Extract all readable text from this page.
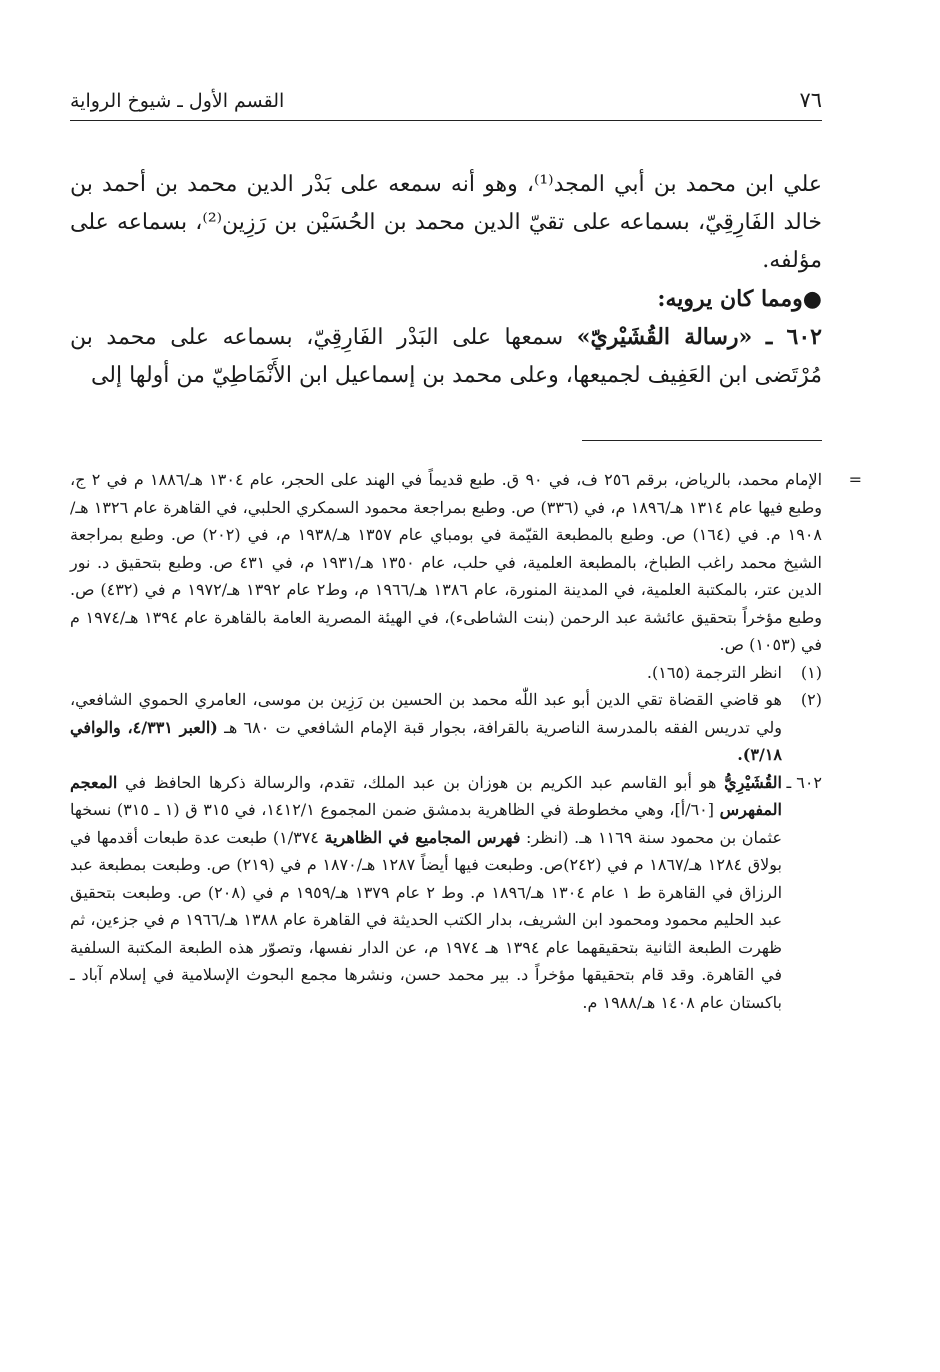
٧٦
القسم الأول ـ شيوخ الرواية

علي ابن محمد بن أبي المجد⁽¹⁾، وهو أنه سمعه على بَدْر الدين محمد بن أحمد بن خالد الفَارِقِيّ، بسماعه على تقيّ الدين محمد بن الحُسَيْن بن رَزِين⁽²⁾، بسماعه على مؤلفه.

●ومما كان يرويه:

٦٠٢ ـ «رسالة القُشَيْريّ» سمعها على البَدْر الفَارِقِيّ، بسماعه على محمد بن مُرْتَضى ابن العَفِيف لجميعها، وعلى محمد بن إسماعيل ابن الأَنْمَاطِيّ من أولها إلى

=
الإمام محمد، بالرياض، برقم ٢٥٦ ف، في ٩٠ ق. طبع قديماً في الهند على الحجر، عام ١٣٠٤ هـ/١٨٨٦ م في ٢ ج، وطبع فيها عام ١٣١٤ هـ/١٨٩٦ م، في (٣٣٦) ص. وطبع بمراجعة محمود السمكري الحلبي، في القاهرة عام ١٣٢٦ هـ/١٩٠٨ م. في (١٦٤) ص. وطبع بالمطبعة القيّمة في بومباي عام ١٣٥٧ هـ/١٩٣٨ م، في (٢٠٢) ص. وطبع بمراجعة الشيخ محمد راغب الطباخ، بالمطبعة العلمية، في حلب، عام ١٣٥٠ هـ/١٩٣١ م، في ٤٣١ ص. وطبع بتحقيق د. نور الدين عتر، بالمكتبة العلمية، في المدينة المنورة، عام ١٣٨٦ هـ/١٩٦٦ م، وط٢ عام ١٣٩٢ هـ/١٩٧٢ م في (٤٣٢) ص. وطبع مؤخراً بتحقيق عائشة عبد الرحمن (بنت الشاطىء)، في الهيئة المصرية العامة بالقاهرة عام ١٣٩٤ هـ/١٩٧٤ م في (١٠٥٣) ص.

(١)
انظر الترجمة (١٦٥).

(٢)
هو قاضي القضاة تقي الدين أبو عبد اللّٰه محمد بن الحسين بن رَزِين بن موسى، العامري الحموي الشافعي، ولي تدريس الفقه بالمدرسة الناصرية بالقرافة، بجوار قبة الإمام الشافعي ت ٦٨٠ هـ (العبر ٤/٣٣١، والوافي ٣/١٨).

٦٠٢ ـ
القُشَيْرِيُّ هو أبو القاسم عبد الكريم بن هوزان بن عبد الملك، تقدم، والرسالة ذكرها الحافظ في المعجم المفهرس [٦٠/أ]، وهي مخطوطة في الظاهرية بدمشق ضمن المجموع ١٤١٢/١، في ٣١٥ ق (١ ـ ٣١٥) نسخها عثمان بن محمود سنة ١١٦٩ هـ. (انظر: فهرس المجاميع في الظاهرية ١/٣٧٤) طبعت عدة طبعات أقدمها في بولاق ١٢٨٤ هـ/١٨٦٧ م في (٢٤٢)ص. وطبعت فيها أيضاً ١٢٨٧ هـ/١٨٧٠ م في (٢١٩) ص. وطبعت بمطبعة عبد الرزاق في القاهرة ط ١ عام ١٣٠٤ هـ/١٨٩٦ م. وط ٢ عام ١٣٧٩ هـ/١٩٥٩ م في (٢٠٨) ص. وطبعت بتحقيق عبد الحليم محمود ومحمود ابن الشريف، بدار الكتب الحديثة في القاهرة عام ١٣٨٨ هـ/١٩٦٦ م في جزءين، ثم ظهرت الطبعة الثانية بتحقيقهما عام ١٣٩٤ هـ ١٩٧٤ م، عن الدار نفسها، وتصوّر هذه الطبعة المكتبة السلفية في القاهرة. وقد قام بتحقيقها مؤخراً د. بير محمد حسن، ونشرها مجمع البحوث الإسلامية في إسلام آباد ـ باكستان عام ١٤٠٨ هـ/١٩٨٨ م.
